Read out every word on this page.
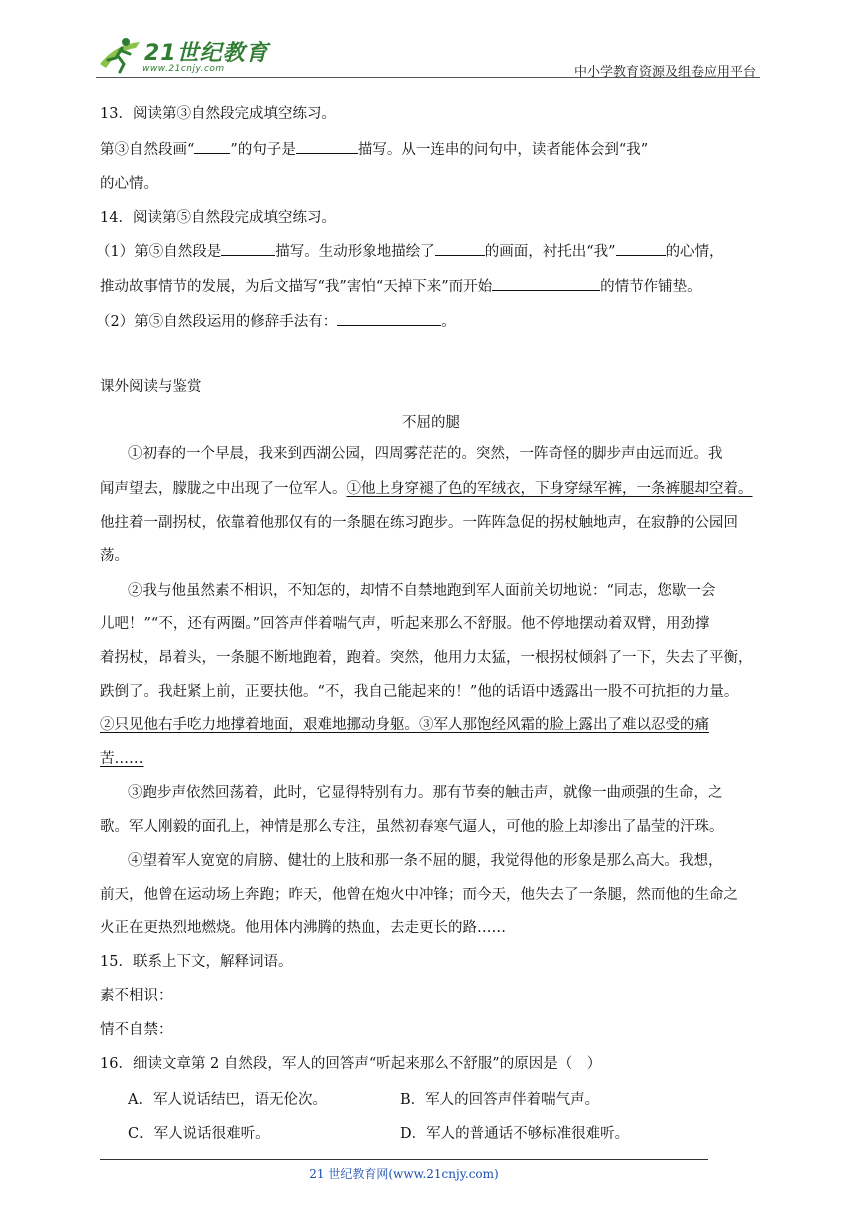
21世纪教育
www.21cnjy.com	中小学教育资源及组卷应用平台
13．阅读第③自然段完成填空练习。
第③自然段画“ ”的句子是	描写。从一连串的问句中，读者能体会到“我”
的心情。
14．阅读第⑤自然段完成填空练习。
（1）第⑤自然段是	描写。生动形象地描绘了	的画面，衬托出“我”	的心情，
推动故事情节的发展，为后文描写“我”害怕“天掉下来”而开始	的情节作铺垫。
（2）第⑤自然段运用的修辞手法有：	。
课外阅读与鉴赏
不屈的腿
①初春的一个早晨，我来到西湖公园，四周雾茫茫的。突然，一阵奇怪的脚步声由远而近。我
闻声望去，朦胧之中出现了一位军人。①他上身穿褪了色的军绒衣，下身穿绿军裤，一条裤腿却空着。
他拄着一副拐杖，依靠着他那仅有的一条腿在练习跑步。一阵阵急促的拐杖触地声，在寂静的公园回
荡。
②我与他虽然素不相识，不知怎的，却情不自禁地跑到军人面前关切地说：“同志，您歇一会
儿吧！”“不，还有两圈。”回答声伴着喘气声，听起来那么不舒服。他不停地摆动着双臂，用劲撑
着拐杖，昂着头，一条腿不断地跑着，跑着。突然，他用力太猛，一根拐杖倾斜了一下，失去了平衡，
跌倒了。我赶紧上前，正要扶他。“不，我自己能起来的！”他的话语中透露出一股不可抗拒的力量。
②只见他右手吃力地撑着地面，艰难地挪动身躯。③军人那饱经风霜的脸上露出了难以忍受的痛
苦……
③跑步声依然回荡着，此时，它显得特别有力。那有节奏的触击声，就像一曲顽强的生命，之
歌。军人刚毅的面孔上，神情是那么专注，虽然初春寒气逼人，可他的脸上却渗出了晶莹的汗珠。
④望着军人宽宽的肩膀、健壮的上肢和那一条不屈的腿，我觉得他的形象是那么高大。我想，
前天，他曾在运动场上奔跑；昨天，他曾在炮火中冲锋；而今天，他失去了一条腿，然而他的生命之
火正在更热烈地燃烧。他用体内沸腾的热血，去走更长的路……
15．联系上下文，解释词语。
素不相识：
情不自禁：
16．细读文章第 2 自然段，军人的回答声“听起来那么不舒服”的原因是（　）
A．军人说话结巴，语无伦次。	B．军人的回答声伴着喘气声。
C．军人说话很难听。	D．军人的普通话不够标准很难听。
21 世纪教育网(www.21cnjy.com)
